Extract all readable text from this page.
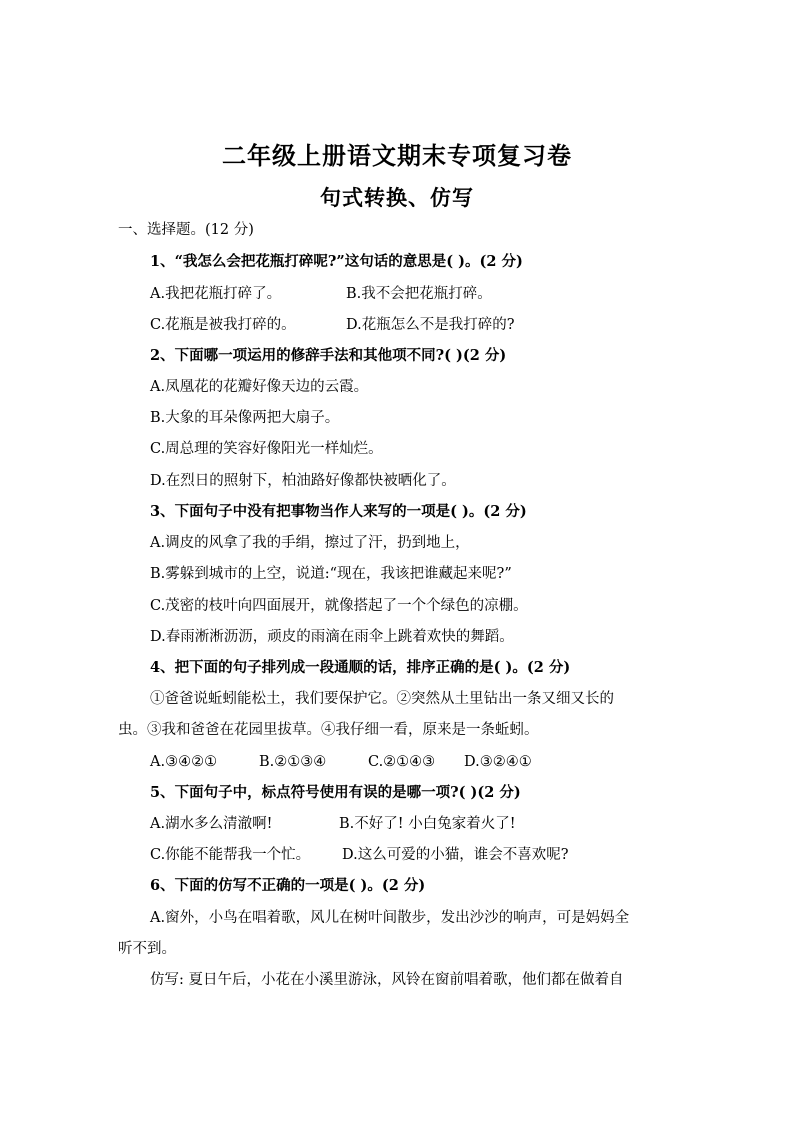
二年级上册语文期末专项复习卷
句式转换、仿写
一、选择题。(12 分)
1、“我怎么会把花瓶打碎呢?”这句话的意思是( )。(2 分)
A.我把花瓶打碎了。	B.我不会把花瓶打碎。
C.花瓶是被我打碎的。	D.花瓶怎么不是我打碎的?
2、下面哪一项运用的修辞手法和其他项不同?( )(2 分)
A.凤凰花的花瓣好像天边的云霞。
B.大象的耳朵像两把大扇子。
C.周总理的笑容好像阳光一样灿烂。
D.在烈日的照射下，柏油路好像都快被晒化了。
3、下面句子中没有把事物当作人来写的一项是( )。(2 分)
A.调皮的风拿了我的手绢，擦过了汗，扔到地上，
B.雾躲到城市的上空，说道:“现在，我该把谁藏起来呢?”
C.茂密的枝叶向四面展开，就像搭起了一个个绿色的凉棚。
D.春雨淅淅沥沥，顽皮的雨滴在雨伞上跳着欢快的舞蹈。
4、把下面的句子排列成一段通顺的话，排序正确的是( )。(2 分)
①爸爸说蚯蚓能松土，我们要保护它。②突然从土里钻出一条又细又长的
虫。③我和爸爸在花园里拔草。④我仔细一看，原来是一条蚯蚓。
A.③④②①	B.②①③④	C.②①④③ D.③②④①
5、下面句子中，标点符号使用有误的是哪一项?( )(2 分)
A.湖水多么清澈啊!	B.不好了! 小白兔家着火了!
C.你能不能帮我一个忙。 D.这么可爱的小猫，谁会不喜欢呢?
6、下面的仿写不正确的一项是( )。(2 分)
A.窗外，小鸟在唱着歌，风儿在树叶间散步，发出沙沙的响声，可是妈妈全
听不到。
仿写: 夏日午后，小花在小溪里游泳，风铃在窗前唱着歌，他们都在做着自
